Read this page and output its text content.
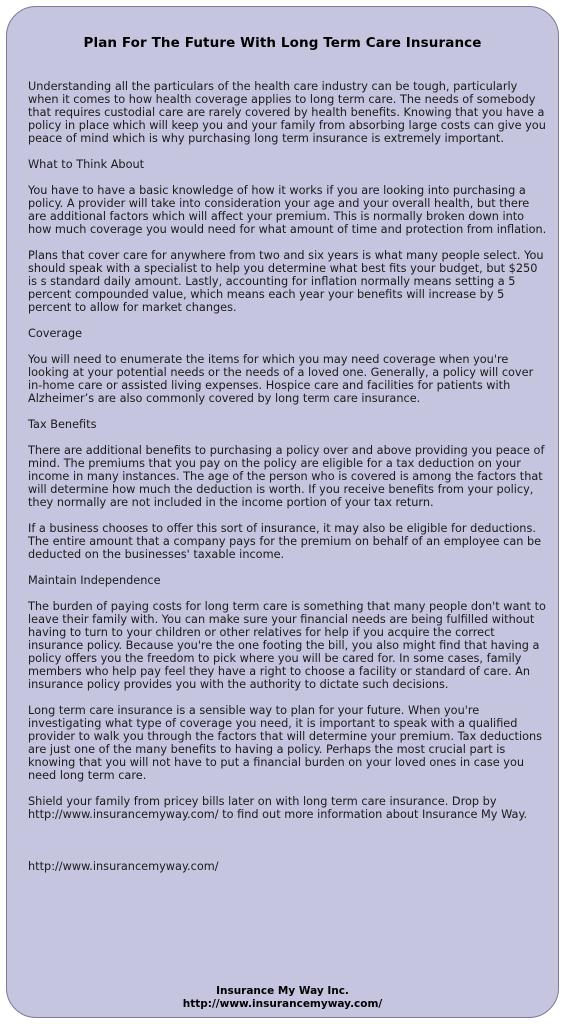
Plan For The Future With Long Term Care Insurance

Understanding all the particulars of the health care industry can be tough, particularly when it comes to how health coverage applies to long term care. The needs of somebody that requires custodial care are rarely covered by health benefits. Knowing that you have a policy in place which will keep you and your family from absorbing large costs can give you peace of mind which is why purchasing long term insurance is extremely important.

What to Think About

You have to have a basic knowledge of how it works if you are looking into purchasing a policy. A provider will take into consideration your age and your overall health, but there are additional factors which will affect your premium. This is normally broken down into how much coverage you would need for what amount of time and protection from inflation.

Plans that cover care for anywhere from two and six years is what many people select. You should speak with a specialist to help you determine what best fits your budget, but $250 is s standard daily amount. Lastly, accounting for inflation normally means setting a 5 percent compounded value, which means each year your benefits will increase by 5 percent to allow for market changes.

Coverage

You will need to enumerate the items for which you may need coverage when you're looking at your potential needs or the needs of a loved one. Generally, a policy will cover in-home care or assisted living expenses. Hospice care and facilities for patients with Alzheimer’s are also commonly covered by long term care insurance.

Tax Benefits

There are additional benefits to purchasing a policy over and above providing you peace of mind. The premiums that you pay on the policy are eligible for a tax deduction on your income in many instances. The age of the person who is covered is among the factors that will determine how much the deduction is worth. If you receive benefits from your policy, they normally are not included in the income portion of your tax return.

If a business chooses to offer this sort of insurance, it may also be eligible for deductions. The entire amount that a company pays for the premium on behalf of an employee can be deducted on the businesses' taxable income.

Maintain Independence

The burden of paying costs for long term care is something that many people don't want to leave their family with. You can make sure your financial needs are being fulfilled without having to turn to your children or other relatives for help if you acquire the correct insurance policy. Because you're the one footing the bill, you also might find that having a policy offers you the freedom to pick where you will be cared for. In some cases, family members who help pay feel they have a right to choose a facility or standard of care. An insurance policy provides you with the authority to dictate such decisions.

Long term care insurance is a sensible way to plan for your future. When you're investigating what type of coverage you need, it is important to speak with a qualified provider to walk you through the factors that will determine your premium. Tax deductions are just one of the many benefits to having a policy. Perhaps the most crucial part is knowing that you will not have to put a financial burden on your loved ones in case you need long term care.

Shield your family from pricey bills later on with long term care insurance. Drop by http://www.insurancemyway.com/ to find out more information about Insurance My Way.

http://www.insurancemyway.com/

Insurance My Way Inc.
http://www.insurancemyway.com/
